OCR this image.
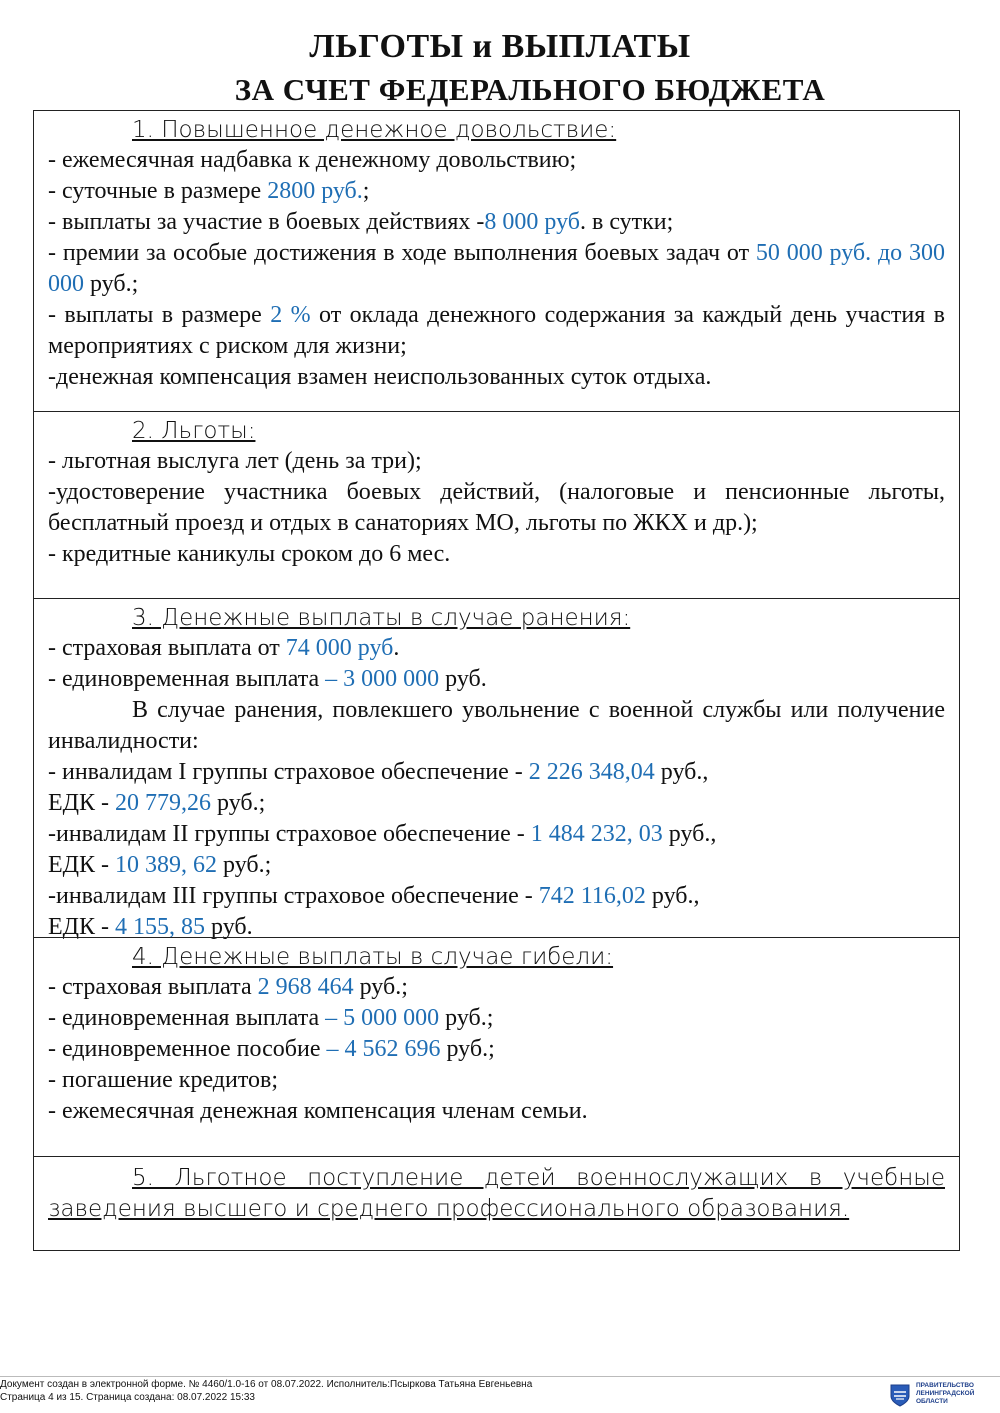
ЛЬГОТЫ и ВЫПЛАТЫ
ЗА СЧЕТ ФЕДЕРАЛЬНОГО БЮДЖЕТА

1. Повышенное денежное довольствие:

- ежемесячная надбавка к денежному довольствию;

- суточные в размере 2800 руб.;

- выплаты за участие в боевых действиях -8 000 руб. в сутки;

- премии за особые достижения в ходе выполнения боевых задач от 50 000 руб. до 300 000 руб.;

- выплаты в размере 2 % от оклада денежного содержания за каждый день участия в мероприятиях с риском для жизни;

-денежная компенсация взамен неиспользованных суток отдыха.

2. Льготы:

- льготная выслуга лет (день за три);

-удостоверение участника боевых действий, (налоговые и пенсионные льготы, бесплатный проезд и отдых в санаториях МО, льготы по ЖКХ и др.);

- кредитные каникулы сроком до 6 мес.

3. Денежные выплаты в случае ранения:

- страховая выплата от 74 000 руб.

- единовременная выплата – 3 000 000 руб.

В случае ранения, повлекшего увольнение с военной службы или получение инвалидности:

- инвалидам I группы страховое обеспечение - 2 226 348,04 руб.,

ЕДК - 20 779,26 руб.;

-инвалидам II группы страховое обеспечение - 1 484 232, 03 руб.,

ЕДК - 10 389, 62 руб.;

-инвалидам III группы страховое обеспечение - 742 116,02 руб.,

ЕДК - 4 155, 85 руб.

4. Денежные выплаты в случае гибели:

- страховая выплата 2 968 464 руб.;

- единовременная выплата – 5 000 000 руб.;

- единовременное пособие – 4 562 696 руб.;

- погашение кредитов;

- ежемесячная денежная компенсация членам семьи.

5. Льготное поступление детей военнослужащих в учебные заведения высшего и среднего профессионального образования.

Документ создан в электронной форме. № 4460/1.0-16 от 08.07.2022. Исполнитель:Псыркова Татьяна Евгеньевна
Страница 4 из 15. Страница создана: 08.07.2022 15:33
ПРАВИТЕЛЬСТВО
ЛЕНИНГРАДСКОЙ
ОБЛАСТИ
